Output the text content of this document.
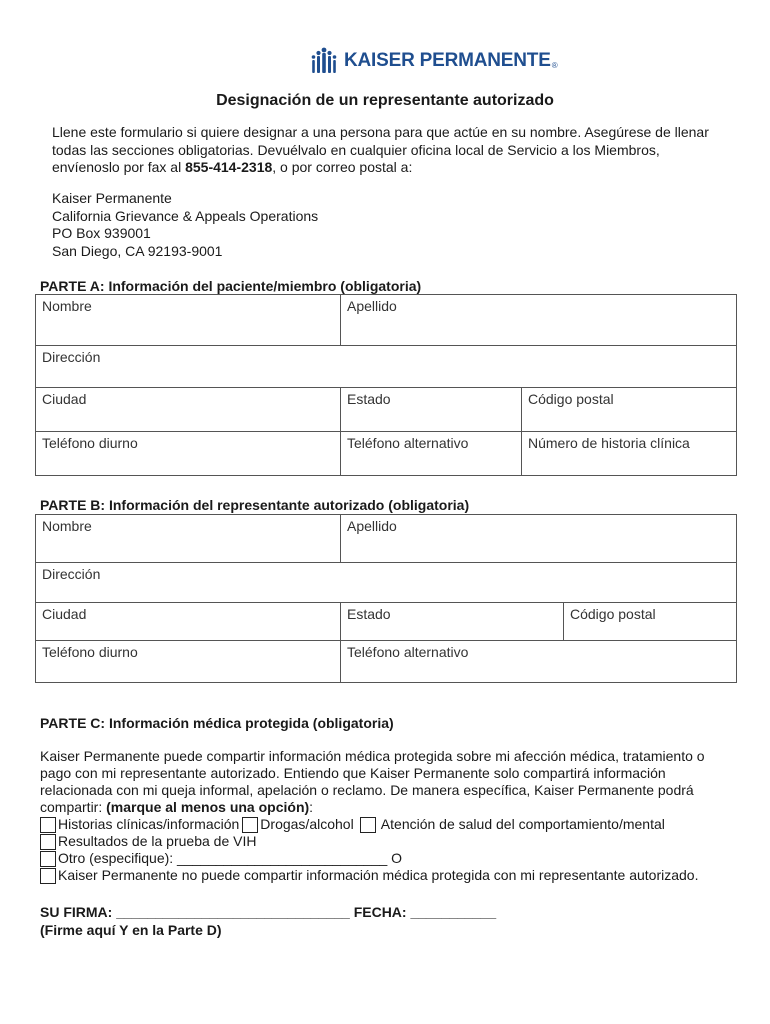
KAISER PERMANENTE ®
Designación de un representante autorizado
Llene este formulario si quiere designar a una persona para que actúe en su nombre. Asegúrese de llenar todas las secciones obligatorias. Devuélvalo en cualquier oficina local de Servicio a los Miembros, envíenoslo por fax al 855-414-2318, o por correo postal a:
Kaiser Permanente
California Grievance & Appeals Operations
PO Box 939001
San Diego, CA 92193-9001
PARTE A: Información del paciente/miembro (obligatoria)
Nombre	Apellido	
Dirección		
Ciudad	Estado	Código postal
Teléfono diurno	Teléfono alternativo	Número de historia clínica
PARTE B: Información del representante autorizado (obligatoria)
Nombre	Apellido	
Dirección		
Ciudad	Estado	Código postal
Teléfono diurno	Teléfono alternativo	
PARTE C: Información médica protegida (obligatoria)
Kaiser Permanente puede compartir información médica protegida sobre mi afección médica, tratamiento o pago con mi representante autorizado. Entiendo que Kaiser Permanente solo compartirá información relacionada con mi queja informal, apelación o reclamo. De manera específica, Kaiser Permanente podrá compartir: (marque al menos una opción):
Historias clínicas/información Drogas/alcohol Atención de salud del comportamiento/mental
Resultados de la prueba de VIH
Otro (especifique): ___________________________ O
Kaiser Permanente no puede compartir información médica protegida con mi representante autorizado.
SU FIRMA: ______________________________ FECHA: ___________
(Firme aquí Y en la Parte D)
